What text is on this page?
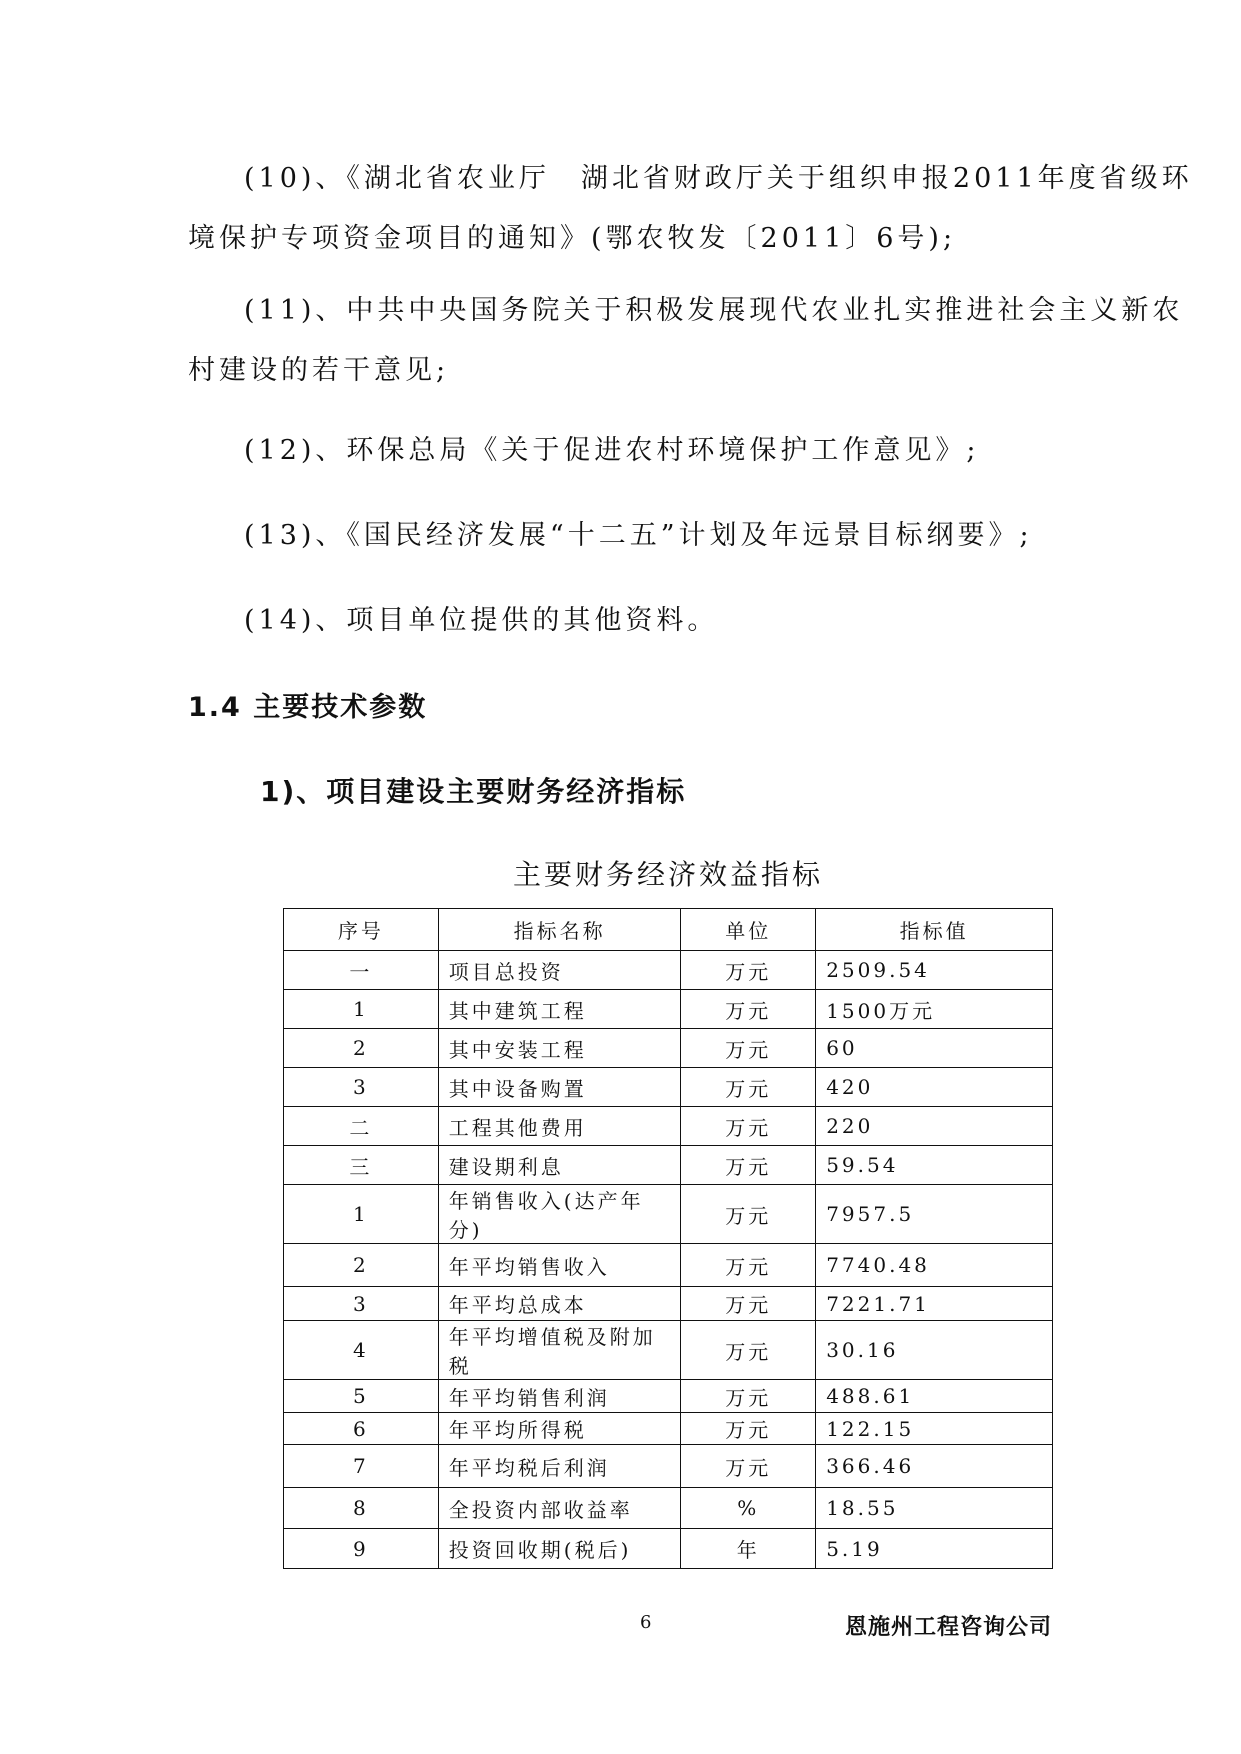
(10)、《湖北省农业厅　湖北省财政厅关于组织申报2011年度省级环
境保护专项资金项目的通知》(鄂农牧发〔2011〕6号);

(11)、中共中央国务院关于积极发展现代农业扎实推进社会主义新农
村建设的若干意见;

(12)、环保总局《关于促进农村环境保护工作意见》;

(13)、《国民经济发展“十二五”计划及年远景目标纲要》;

(14)、项目单位提供的其他资料。

1.4 主要技术参数
1)、项目建设主要财务经济指标

主要财务经济效益指标

序号	指标名称	单位	指标值
一	项目总投资	万元	2509.54
1	其中建筑工程	万元	1500万元
2	其中安装工程	万元	60
3	其中设备购置	万元	420
二	工程其他费用	万元	220
三	建设期利息	万元	59.54
1	年销售收入(达产年分)	万元	7957.5
2	年平均销售收入	万元	7740.48
3	年平均总成本	万元	7221.71
4	年平均增值税及附加税	万元	30.16
5	年平均销售利润	万元	488.61
6	年平均所得税	万元	122.15
7	年平均税后利润	万元	366.46
8	全投资内部收益率	%	18.55
9	投资回收期(税后)	年	5.19
6	恩施州工程咨询公司
